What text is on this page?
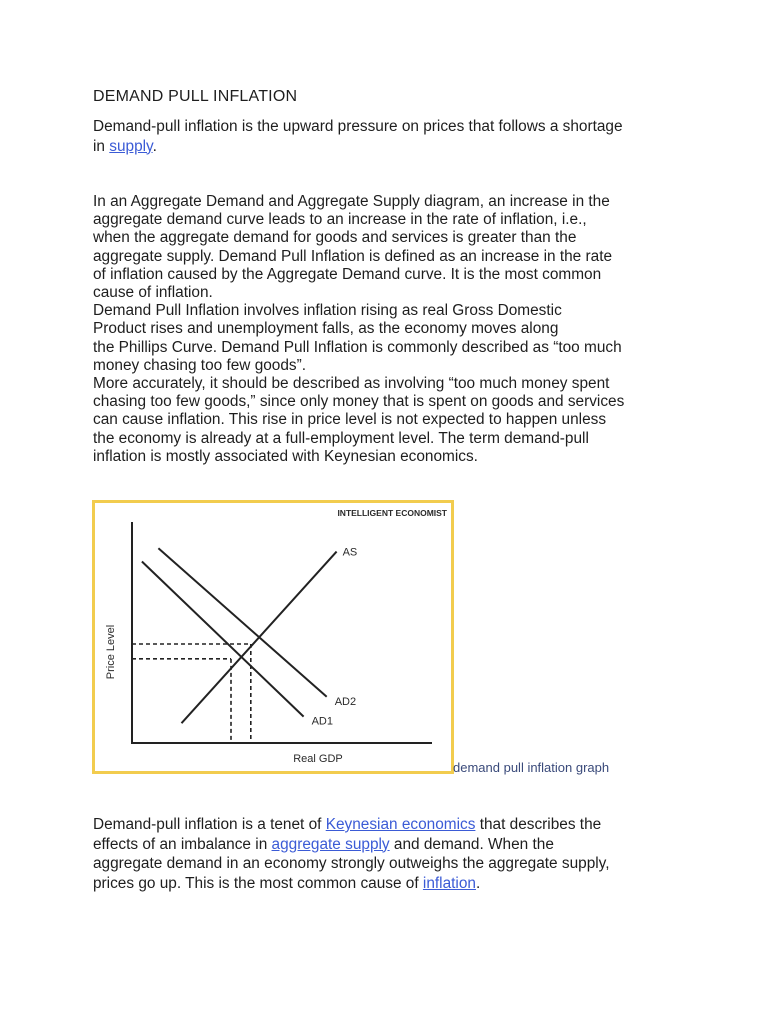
DEMAND PULL INFLATION
Demand-pull inflation is the upward pressure on prices that follows a shortage
in supply.
In an Aggregate Demand and Aggregate Supply diagram, an increase in the
aggregate demand curve leads to an increase in the rate of inflation, i.e.,
when the aggregate demand for goods and services is greater than the
aggregate supply. Demand Pull Inflation is defined as an increase in the rate
of inflation caused by the Aggregate Demand curve. It is the most common
cause of inflation.
Demand Pull Inflation involves inflation rising as real Gross Domestic
Product rises and unemployment falls, as the economy moves along
the Phillips Curve. Demand Pull Inflation is commonly described as “too much
money chasing too few goods”.
More accurately, it should be described as involving “too much money spent
chasing too few goods,” since only money that is spent on goods and services
can cause inflation. This rise in price level is not expected to happen unless
the economy is already at a full-employment level. The term demand-pull
inflation is mostly associated with Keynesian economics.
INTELLIGENT ECONOMIST
Price Level
Real GDP
AS
AD1
AD2
demand pull inflation graph
Demand-pull inflation is a tenet of Keynesian economics that describes the
effects of an imbalance in aggregate supply and demand. When the
aggregate demand in an economy strongly outweighs the aggregate supply,
prices go up. This is the most common cause of inflation.
